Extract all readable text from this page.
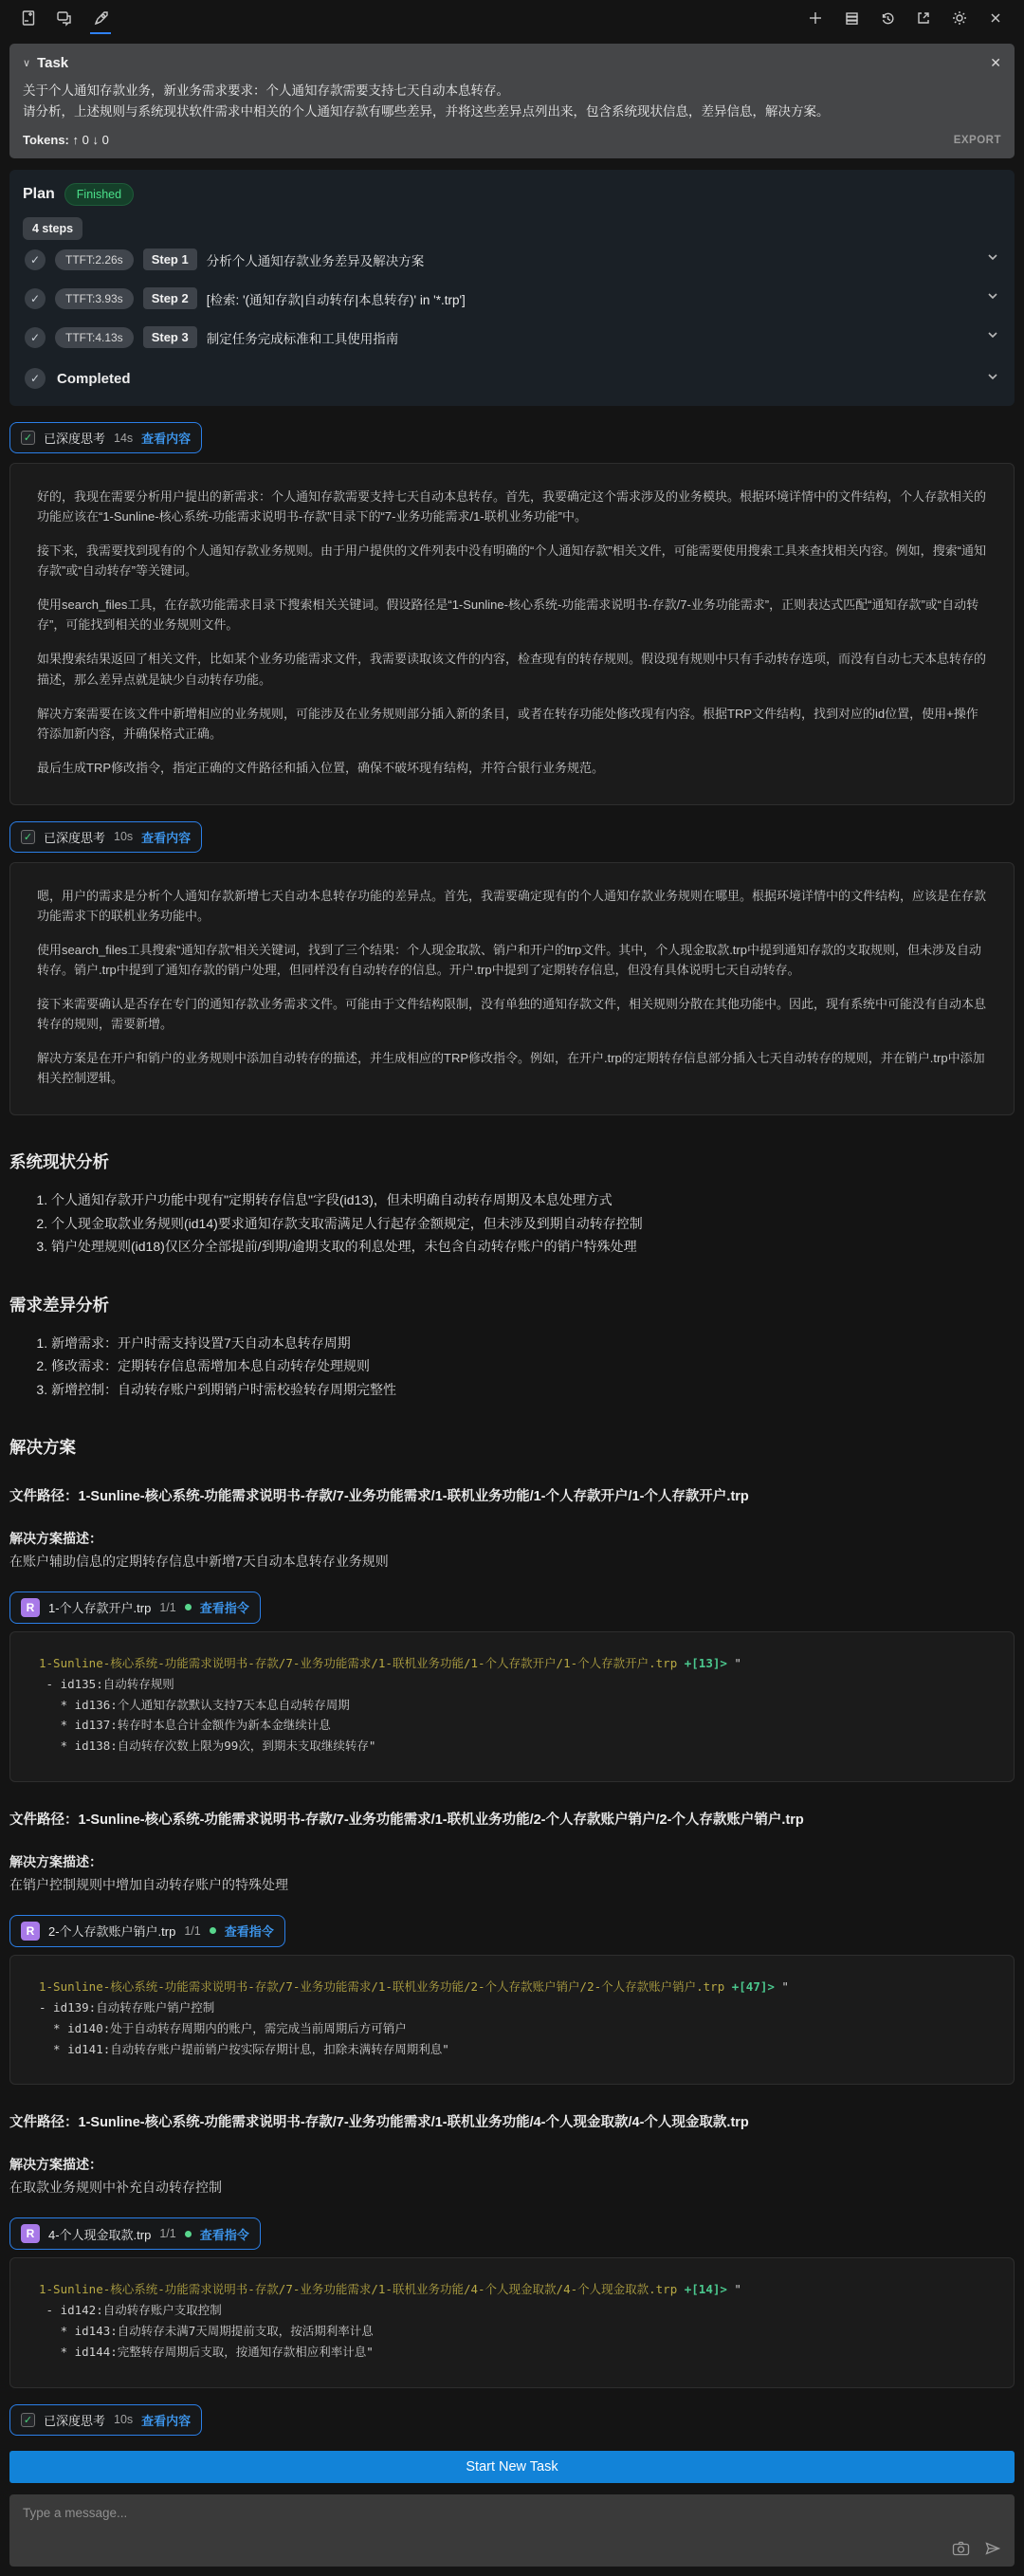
∨ Task	✕
关于个人通知存款业务，新业务需求要求：个人通知存款需要支持七天自动本息转存。
请分析，上述规则与系统现状软件需求中相关的个人通知存款有哪些差异，并将这些差异点列出来，包含系统现状信息，差异信息，解决方案。
Tokens: ↑ 0 ↓ 0	EXPORT
Plan	Finished
4 steps
✓	TTFT:2.26s	Step 1	分析个人通知存款业务差异及解决方案
✓	TTFT:3.93s	Step 2	[检索: '(通知存款|自动转存|本息转存)' in '*.trp']
✓	TTFT:4.13s	Step 3	制定任务完成标准和工具使用指南
✓	Completed
✓ 已深度思考 14s 查看内容

好的，我现在需要分析用户提出的新需求：个人通知存款需要支持七天自动本息转存。首先，我要确定这个需求涉及的业务模块。根据环境详情中的文件结构，个人存款相关的功能应该在“1-Sunline-核心系统-功能需求说明书-存款”目录下的“7-业务功能需求/1-联机业务功能”中。

接下来，我需要找到现有的个人通知存款业务规则。由于用户提供的文件列表中没有明确的“个人通知存款”相关文件，可能需要使用搜索工具来查找相关内容。例如，搜索“通知存款”或“自动转存”等关键词。

使用search_files工具，在存款功能需求目录下搜索相关关键词。假设路径是“1-Sunline-核心系统-功能需求说明书-存款/7-业务功能需求”，正则表达式匹配“通知存款”或“自动转存”，可能找到相关的业务规则文件。

如果搜索结果返回了相关文件，比如某个业务功能需求文件，我需要读取该文件的内容，检查现有的转存规则。假设现有规则中只有手动转存选项，而没有自动七天本息转存的描述，那么差异点就是缺少自动转存功能。

解决方案需要在该文件中新增相应的业务规则，可能涉及在业务规则部分插入新的条目，或者在转存功能处修改现有内容。根据TRP文件结构，找到对应的id位置，使用+操作符添加新内容，并确保格式正确。

最后生成TRP修改指令，指定正确的文件路径和插入位置，确保不破坏现有结构，并符合银行业务规范。

✓ 已深度思考 10s 查看内容

嗯，用户的需求是分析个人通知存款新增七天自动本息转存功能的差异点。首先，我需要确定现有的个人通知存款业务规则在哪里。根据环境详情中的文件结构，应该是在存款功能需求下的联机业务功能中。

使用search_files工具搜索“通知存款”相关关键词，找到了三个结果：个人现金取款、销户和开户的trp文件。其中，个人现金取款.trp中提到通知存款的支取规则，但未涉及自动转存。销户.trp中提到了通知存款的销户处理，但同样没有自动转存的信息。开户.trp中提到了定期转存信息，但没有具体说明七天自动转存。

接下来需要确认是否存在专门的通知存款业务需求文件。可能由于文件结构限制，没有单独的通知存款文件，相关规则分散在其他功能中。因此，现有系统中可能没有自动本息转存的规则，需要新增。

解决方案是在开户和销户的业务规则中添加自动转存的描述，并生成相应的TRP修改指令。例如，在开户.trp的定期转存信息部分插入七天自动转存的规则，并在销户.trp中添加相关控制逻辑。

系统现状分析
1. 个人通知存款开户功能中现有"定期转存信息"字段(id13)，但未明确自动转存周期及本息处理方式
2. 个人现金取款业务规则(id14)要求通知存款支取需满足人行起存金额规定，但未涉及到期自动转存控制
3. 销户处理规则(id18)仅区分全部提前/到期/逾期支取的利息处理，未包含自动转存账户的销户特殊处理
需求差异分析
1. 新增需求：开户时需支持设置7天自动本息转存周期
2. 修改需求：定期转存信息需增加本息自动转存处理规则
3. 新增控制：自动转存账户到期销户时需校验转存周期完整性
解决方案
文件路径：1-Sunline-核心系统-功能需求说明书-存款/7-业务功能需求/1-联机业务功能/1-个人存款开户/1-个人存款开户.trp
解决方案描述：
在账户辅助信息的定期转存信息中新增7天自动本息转存业务规则
R	1-个人存款开户.trp 1/1 查看指令
1-Sunline-核心系统-功能需求说明书-存款/7-业务功能需求/1-联机业务功能/1-个人存款开户/1-个人存款开户.trp +[13]> "
- id135:自动转存规则
* id136:个人通知存款默认支持7天本息自动转存周期
* id137:转存时本息合计金额作为新本金继续计息
* id138:自动转存次数上限为99次，到期未支取继续转存"
文件路径：1-Sunline-核心系统-功能需求说明书-存款/7-业务功能需求/1-联机业务功能/2-个人存款账户销户/2-个人存款账户销户.trp
解决方案描述：
在销户控制规则中增加自动转存账户的特殊处理
R	2-个人存款账户销户.trp 1/1 查看指令
1-Sunline-核心系统-功能需求说明书-存款/7-业务功能需求/1-联机业务功能/2-个人存款账户销户/2-个人存款账户销户.trp +[47]> "
- id139:自动转存账户销户控制
* id140:处于自动转存周期内的账户，需完成当前周期后方可销户
* id141:自动转存账户提前销户按实际存期计息，扣除未满转存周期利息"
文件路径：1-Sunline-核心系统-功能需求说明书-存款/7-业务功能需求/1-联机业务功能/4-个人现金取款/4-个人现金取款.trp
解决方案描述：
在取款业务规则中补充自动转存控制
R	4-个人现金取款.trp 1/1 查看指令
1-Sunline-核心系统-功能需求说明书-存款/7-业务功能需求/1-联机业务功能/4-个人现金取款/4-个人现金取款.trp +[14]> "
- id142:自动转存账户支取控制
* id143:自动转存未满7天周期提前支取，按活期利率计息
* id144:完整转存周期后支取，按通知存款相应利率计息"
✓ 已深度思考 10s 查看内容
Start New Task
Type a message...
